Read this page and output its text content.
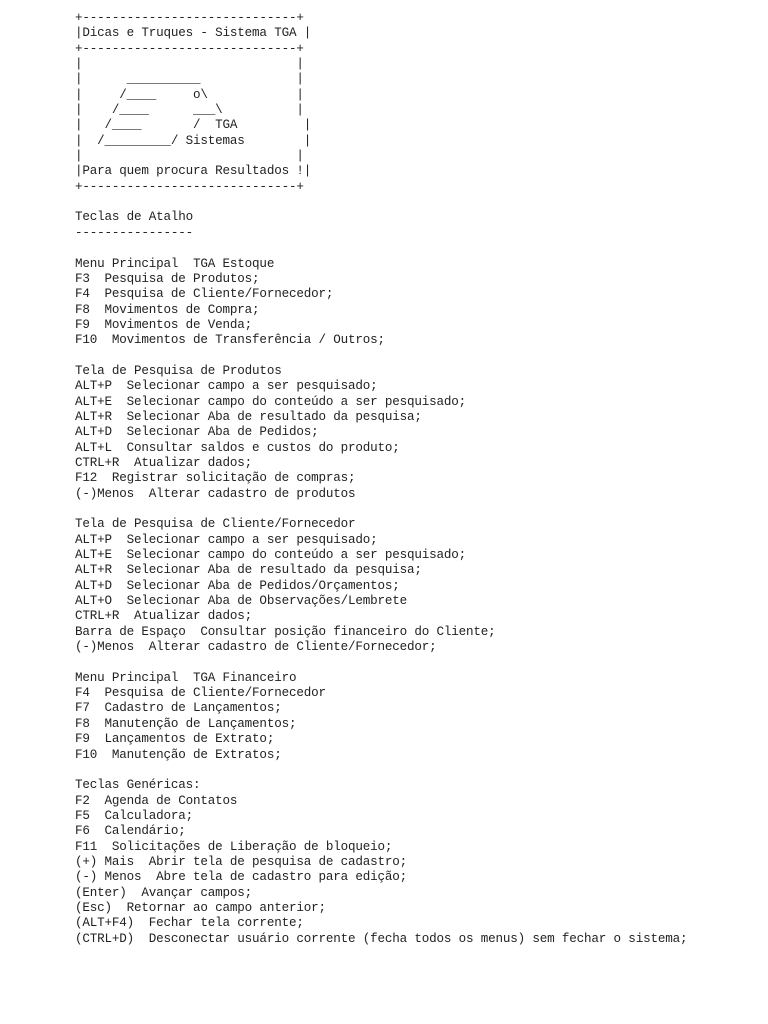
+-----------------------------+
|Dicas e Truques - Sistema TGA |
+-----------------------------+
|                             |
|      __________             |
|     /____     o\            |
|    /____      ___\          |
|   /____       /  TGA         |
|  /_________/ Sistemas        |
|                             |
|Para quem procura Resultados !|
+-----------------------------+
Teclas de Atalho
----------------
Menu Principal  TGA Estoque
F3  Pesquisa de Produtos;
F4  Pesquisa de Cliente/Fornecedor;
F8  Movimentos de Compra;
F9  Movimentos de Venda;
F10  Movimentos de Transferência / Outros;
Tela de Pesquisa de Produtos
ALT+P  Selecionar campo a ser pesquisado;
ALT+E  Selecionar campo do conteúdo a ser pesquisado;
ALT+R  Selecionar Aba de resultado da pesquisa;
ALT+D  Selecionar Aba de Pedidos;
ALT+L  Consultar saldos e custos do produto;
CTRL+R  Atualizar dados;
F12  Registrar solicitação de compras;
(-)Menos  Alterar cadastro de produtos
Tela de Pesquisa de Cliente/Fornecedor
ALT+P  Selecionar campo a ser pesquisado;
ALT+E  Selecionar campo do conteúdo a ser pesquisado;
ALT+R  Selecionar Aba de resultado da pesquisa;
ALT+D  Selecionar Aba de Pedidos/Orçamentos;
ALT+O  Selecionar Aba de Observações/Lembrete
CTRL+R  Atualizar dados;
Barra de Espaço  Consultar posição financeiro do Cliente;
(-)Menos  Alterar cadastro de Cliente/Fornecedor;
Menu Principal  TGA Financeiro
F4  Pesquisa de Cliente/Fornecedor
F7  Cadastro de Lançamentos;
F8  Manutenção de Lançamentos;
F9  Lançamentos de Extrato;
F10  Manutenção de Extratos;
Teclas Genéricas:
F2  Agenda de Contatos
F5  Calculadora;
F6  Calendário;
F11  Solicitações de Liberação de bloqueio;
(+) Mais  Abrir tela de pesquisa de cadastro;
(-) Menos  Abre tela de cadastro para edição;
(Enter)  Avançar campos;
(Esc)  Retornar ao campo anterior;
(ALT+F4)  Fechar tela corrente;
(CTRL+D)  Desconectar usuário corrente (fecha todos os menus) sem fechar o sistema;
